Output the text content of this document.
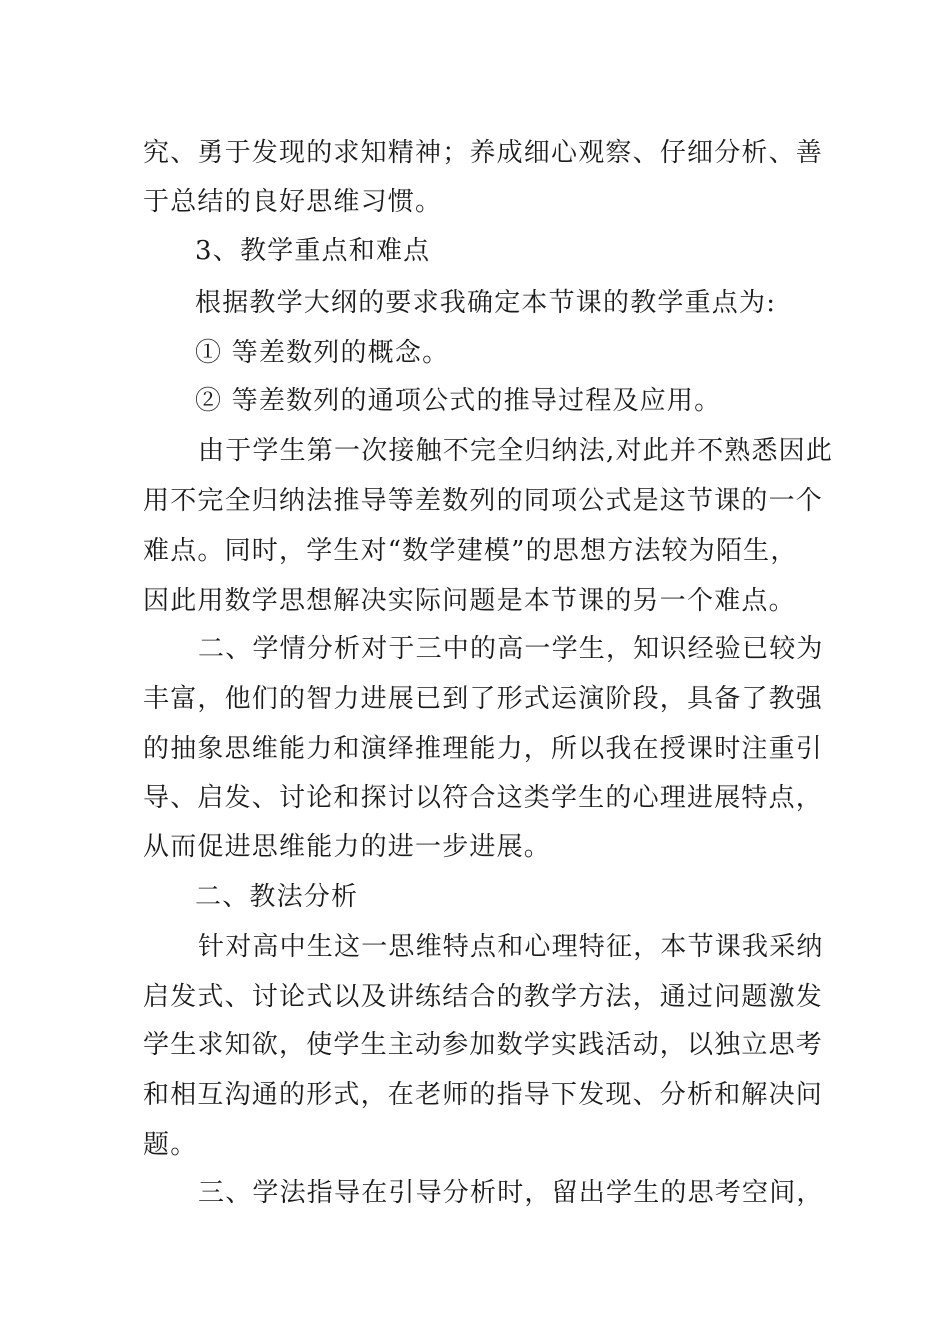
究、勇于发现的求知精神；养成细心观察、仔细分析、善
于总结的良好思维习惯。
3、教学重点和难点
根据教学大纲的要求我确定本节课的教学重点为:
① 等差数列的概念。
② 等差数列的通项公式的推导过程及应用。
由于学生第一次接触不完全归纳法,对此并不熟悉因此
用不完全归纳法推导等差数列的同项公式是这节课的一个
难点。同时，学生对“数学建模”的思想方法较为陌生，
因此用数学思想解决实际问题是本节课的另一个难点。
二、学情分析对于三中的高一学生，知识经验已较为
丰富，他们的智力进展已到了形式运演阶段，具备了教强
的抽象思维能力和演绎推理能力，所以我在授课时注重引
导、启发、讨论和探讨以符合这类学生的心理进展特点，
从而促进思维能力的进一步进展。
二、教法分析
针对高中生这一思维特点和心理特征，本节课我采纳
启发式、讨论式以及讲练结合的教学方法，通过问题激发
学生求知欲，使学生主动参加数学实践活动，以独立思考
和相互沟通的形式，在老师的指导下发现、分析和解决问
题。
三、学法指导在引导分析时，留出学生的思考空间，
